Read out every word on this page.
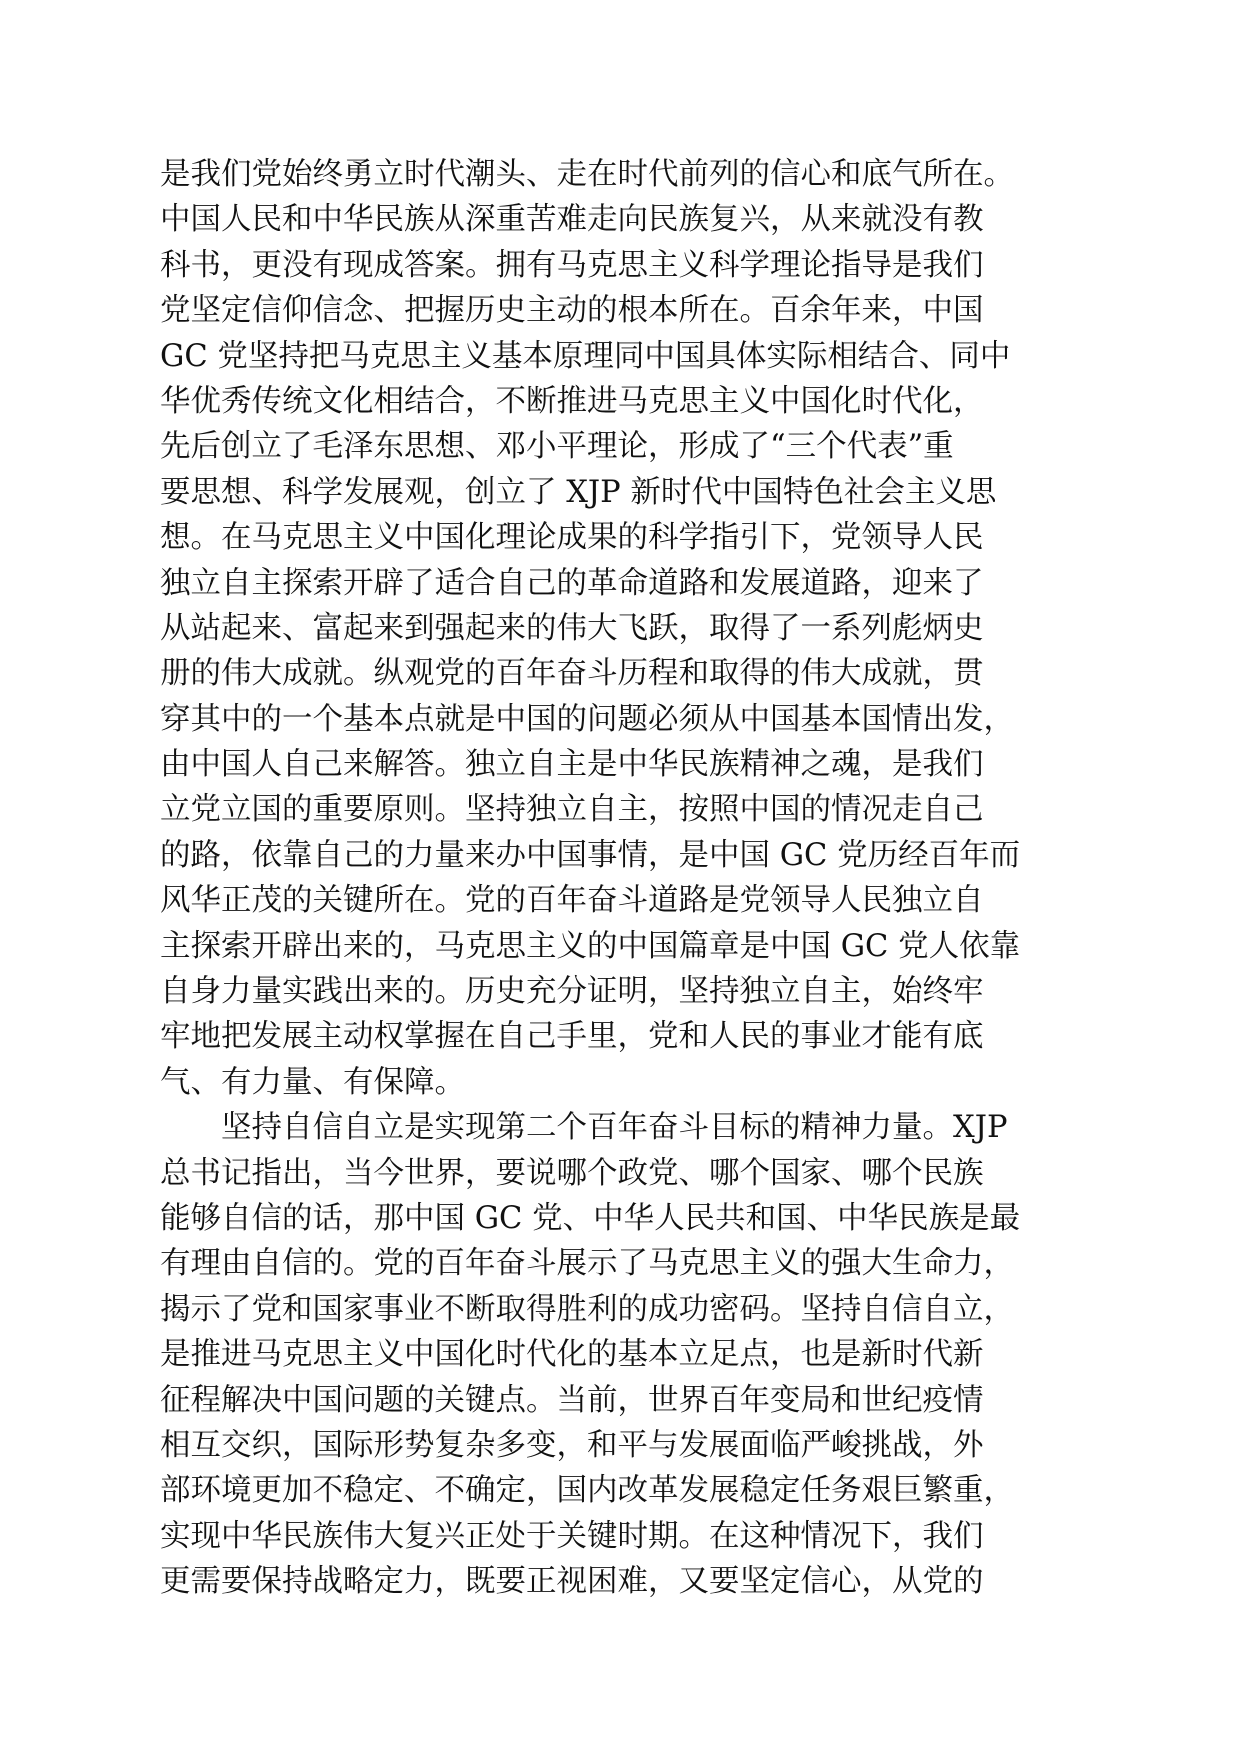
是我们党始终勇立时代潮头、走在时代前列的信心和底气所在。
中国人民和中华民族从深重苦难走向民族复兴，从来就没有教
科书，更没有现成答案。拥有马克思主义科学理论指导是我们
党坚定信仰信念、把握历史主动的根本所在。百余年来，中国
GC 党坚持把马克思主义基本原理同中国具体实际相结合、同中
华优秀传统文化相结合，不断推进马克思主义中国化时代化，
先后创立了毛泽东思想、邓小平理论，形成了“三个代表”重
要思想、科学发展观，创立了 XJP 新时代中国特色社会主义思
想。在马克思主义中国化理论成果的科学指引下，党领导人民
独立自主探索开辟了适合自己的革命道路和发展道路，迎来了
从站起来、富起来到强起来的伟大飞跃，取得了一系列彪炳史
册的伟大成就。纵观党的百年奋斗历程和取得的伟大成就，贯
穿其中的一个基本点就是中国的问题必须从中国基本国情出发，
由中国人自己来解答。独立自主是中华民族精神之魂，是我们
立党立国的重要原则。坚持独立自主，按照中国的情况走自己
的路，依靠自己的力量来办中国事情，是中国 GC 党历经百年而
风华正茂的关键所在。党的百年奋斗道路是党领导人民独立自
主探索开辟出来的，马克思主义的中国篇章是中国 GC 党人依靠
自身力量实践出来的。历史充分证明，坚持独立自主，始终牢
牢地把发展主动权掌握在自己手里，党和人民的事业才能有底
气、有力量、有保障。
坚持自信自立是实现第二个百年奋斗目标的精神力量。XJP
总书记指出，当今世界，要说哪个政党、哪个国家、哪个民族
能够自信的话，那中国 GC 党、中华人民共和国、中华民族是最
有理由自信的。党的百年奋斗展示了马克思主义的强大生命力，
揭示了党和国家事业不断取得胜利的成功密码。坚持自信自立，
是推进马克思主义中国化时代化的基本立足点，也是新时代新
征程解决中国问题的关键点。当前，世界百年变局和世纪疫情
相互交织，国际形势复杂多变，和平与发展面临严峻挑战，外
部环境更加不稳定、不确定，国内改革发展稳定任务艰巨繁重，
实现中华民族伟大复兴正处于关键时期。在这种情况下，我们
更需要保持战略定力，既要正视困难，又要坚定信心，从党的
